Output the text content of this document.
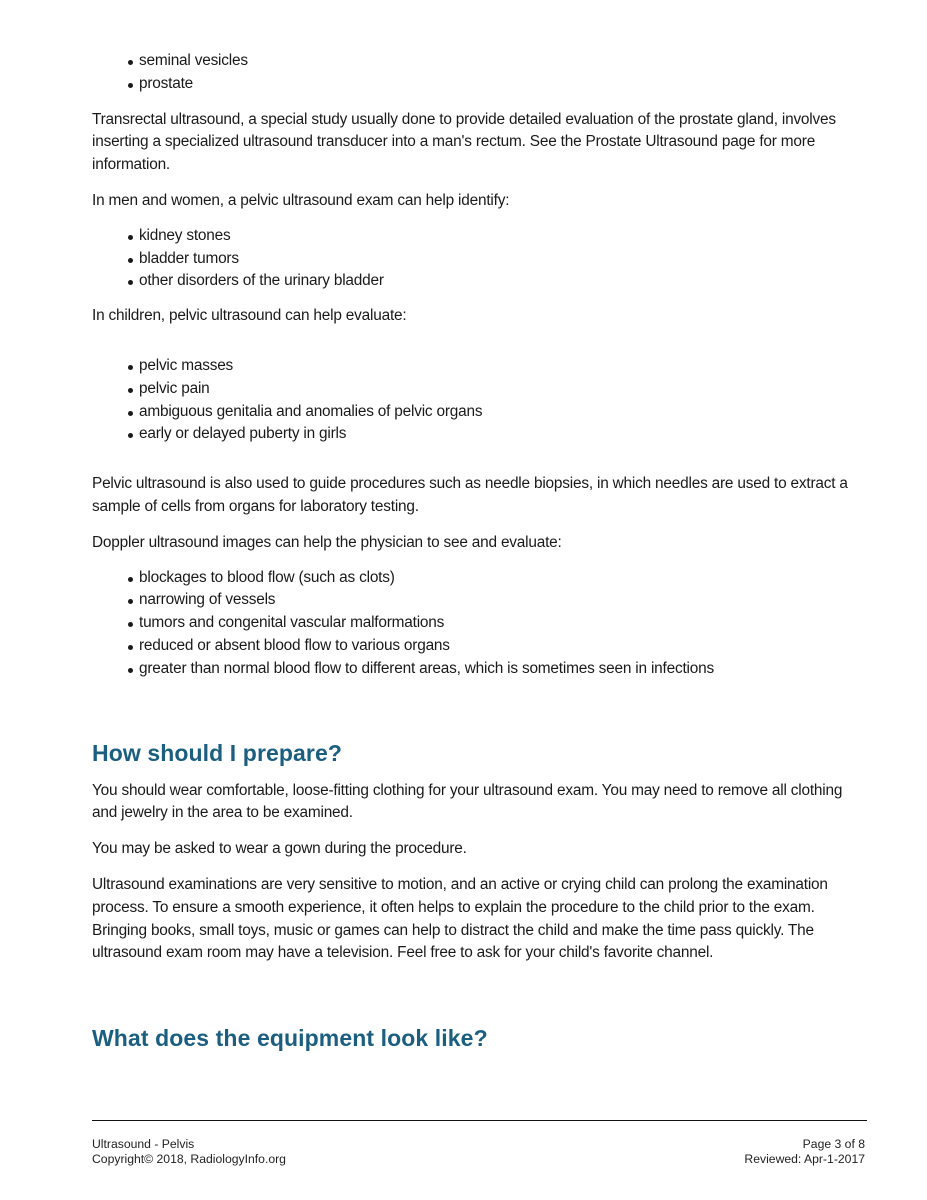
seminal vesicles
prostate

Transrectal ultrasound, a special study usually done to provide detailed evaluation of the prostate gland, involves inserting a specialized ultrasound transducer into a man's rectum. See the Prostate Ultrasound page for more information.

In men and women, a pelvic ultrasound exam can help identify:

kidney stones
bladder tumors
other disorders of the urinary bladder

In children, pelvic ultrasound can help evaluate:

pelvic masses
pelvic pain
ambiguous genitalia and anomalies of pelvic organs
early or delayed puberty in girls

Pelvic ultrasound is also used to guide procedures such as needle biopsies, in which needles are used to extract a sample of cells from organs for laboratory testing.

Doppler ultrasound images can help the physician to see and evaluate:

blockages to blood flow (such as clots)
narrowing of vessels
tumors and congenital vascular malformations
reduced or absent blood flow to various organs
greater than normal blood flow to different areas, which is sometimes seen in infections
How should I prepare?

You should wear comfortable, loose-fitting clothing for your ultrasound exam. You may need to remove all clothing and jewelry in the area to be examined.

You may be asked to wear a gown during the procedure.

Ultrasound examinations are very sensitive to motion, and an active or crying child can prolong the examination process. To ensure a smooth experience, it often helps to explain the procedure to the child prior to the exam. Bringing books, small toys, music or games can help to distract the child and make the time pass quickly. The ultrasound exam room may have a television. Feel free to ask for your child's favorite channel.

What does the equipment look like?
Ultrasound - Pelvis
Copyright© 2018, RadiologyInfo.org
Page 3 of 8
Reviewed: Apr-1-2017
